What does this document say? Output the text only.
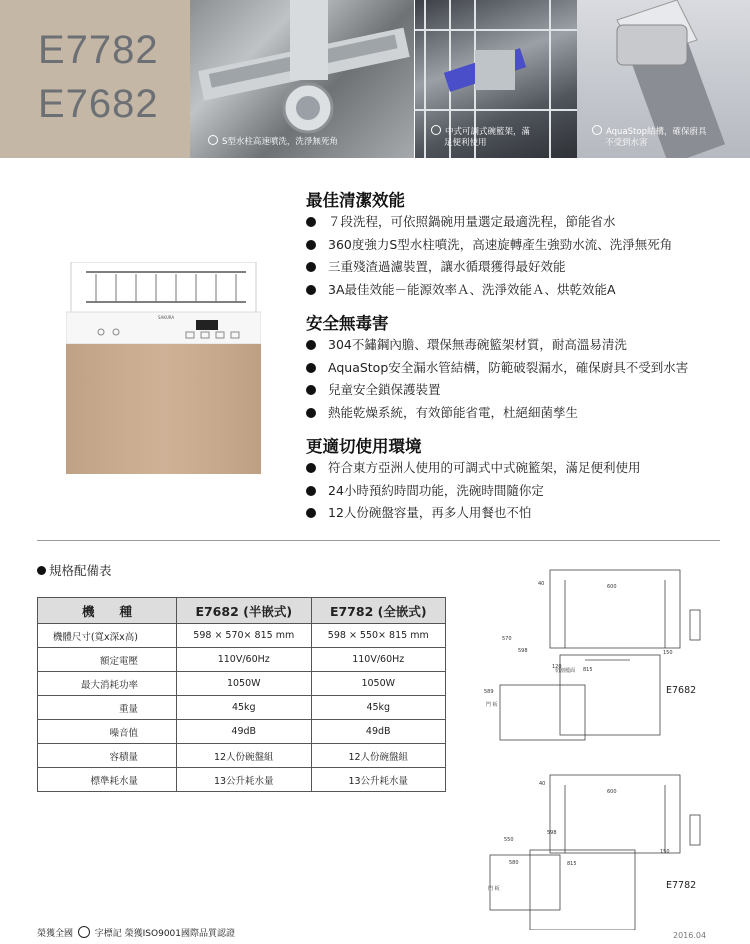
E7782
E7682
S型水柱高速噴洗，洗淨無死角
中式可調式碗籃架，滿
足便利使用
AquaStop結構，確保廚具
不受到水害
SAKURA
最佳清潔效能
７段洗程，可依照鍋碗用量選定最適洗程，節能省水
360度強力S型水柱噴洗，高速旋轉產生強勁水流、洗淨無死角
三重殘渣過濾裝置，讓水循環獲得最好效能
3A最佳效能－能源效率Ａ、洗淨效能Ａ、烘乾效能A
安全無毒害
304不鏽鋼內膽、環保無毒碗籃架材質，耐高溫易清洗
AquaStop安全漏水管結構，防範破裂漏水，確保廚具不受到水害
兒童安全鎖保護裝置
熱能乾燥系統，有效節能省電，杜絕細菌孳生
更適切使用環境
符合東方亞洲人使用的可調式中式碗籃架，滿足便利使用
24小時預約時間功能，洗碗時間隨你定
12人份碗盤容量，再多人用餐也不怕
規格配備表
機　　種	E7682 (半嵌式)	E7782 (全嵌式)
機體尺寸(寬x深x高)	598 × 570× 815 mm	598 × 550× 815 mm
額定電壓	110V/60Hz	110V/60Hz
最大消耗功率	1050W	1050W
重量	45kg	45kg
噪音值	49dB	49dB
容積量	12人份碗盤組	12人份碗盤組
標準耗水量	13公升耗水量	13公升耗水量
40	600
570
598
120	815
150
589
切割檯面
門 板
40
600
550
598
580	815
150
門 板
E7682
E7782
榮獲全國 字標記 榮獲ISO9001國際品質認證	2016.04
